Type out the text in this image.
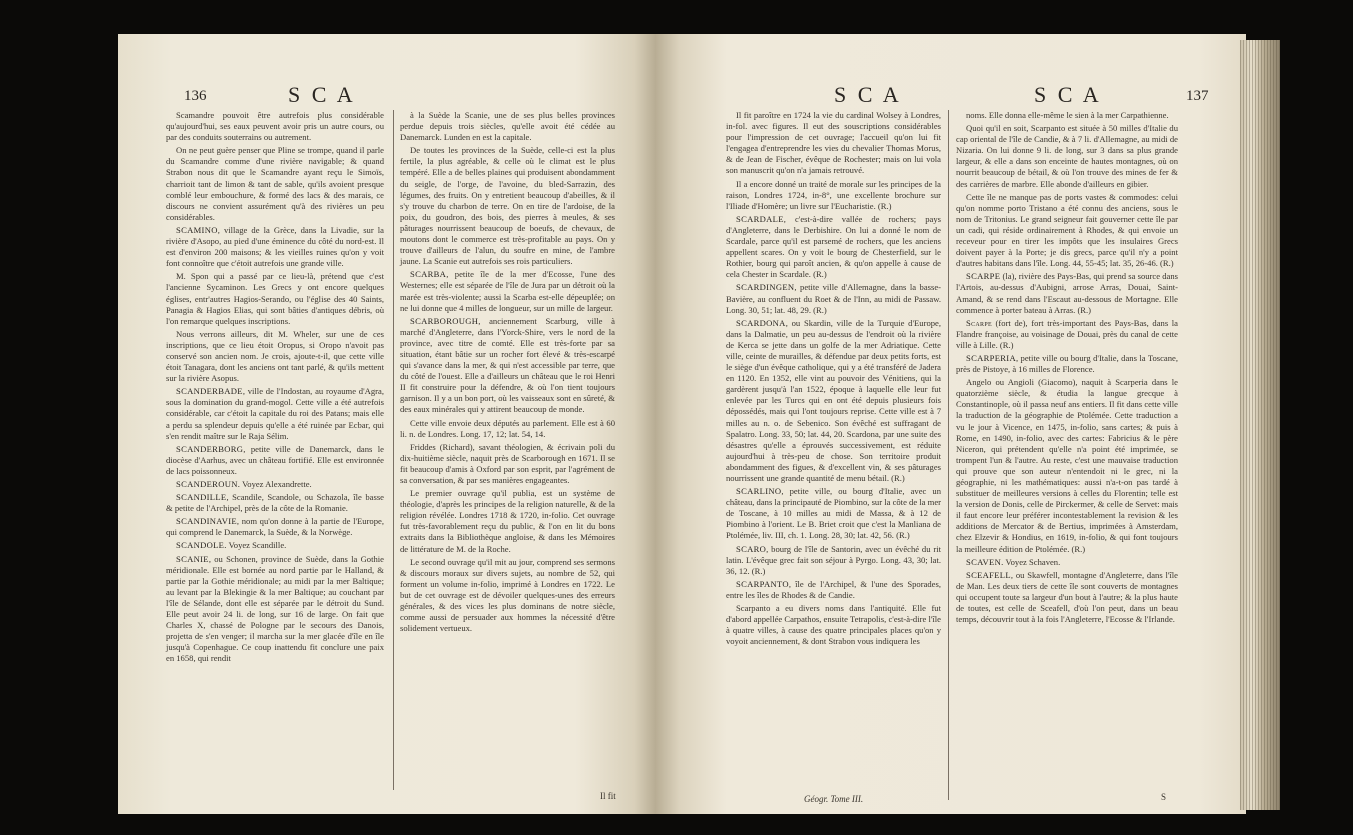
136	S C A

Scamandre pouvoit être autrefois plus considérable qu'aujourd'hui, ses eaux peuvent avoir pris un autre cours, ou par des conduits souterrains ou autrement.

On ne peut guère penser que Pline se trompe, quand il parle du Scamandre comme d'une rivière navigable; & quand Strabon nous dit que le Scamandre ayant reçu le Simoïs, charrioit tant de limon & tant de sable, qu'ils avoient presque comblé leur embouchure, & formé des lacs & des marais, ce discours ne convient assurément qu'à des rivières un peu considérables.

SCAMINO, village de la Grèce, dans la Livadie, sur la rivière d'Asopo, au pied d'une éminence du côté du nord-est. Il est d'environ 200 maisons; & les vieilles ruines qu'on y voit font connoître que c'étoit autrefois une grande ville.

M. Spon qui a passé par ce lieu-là, prétend que c'est l'ancienne Sycaminon. Les Grecs y ont encore quelques églises, entr'autres Hagios-Serando, ou l'église des 40 Saints, Panagia & Hagios Elias, qui sont bâties d'antiques débris, où l'on remarque quelques inscriptions.

Nous verrons ailleurs, dit M. Wheler, sur une de ces inscriptions, que ce lieu étoit Oropus, si Oropo n'avoit pas conservé son ancien nom. Je crois, ajoute-t-il, que cette ville étoit Tanagara, dont les anciens ont tant parlé, & qu'ils mettent sur la rivière Asopus.

SCANDERBADE, ville de l'Indostan, au royaume d'Agra, sous la domination du grand-mogol. Cette ville a été autrefois considérable, car c'étoit la capitale du roi des Patans; mais elle a perdu sa splendeur depuis qu'elle a été ruinée par Ecbar, qui s'en rendit maître sur le Raja Sélim.

SCANDERBORG, petite ville de Danemarck, dans le diocèse d'Aarhus, avec un château fortifié. Elle est environnée de lacs poissonneux.

SCANDEROUN. Voyez Alexandrette.

SCANDILLE, Scandile, Scandole, ou Schazola, île basse & petite de l'Archipel, près de la côte de la Romanie.

SCANDINAVIE, nom qu'on donne à la partie de l'Europe, qui comprend le Danemarck, la Suède, & la Norwège.

SCANDOLE. Voyez Scandille.

SCANIE, ou Schonen, province de Suède, dans la Gothie méridionale. Elle est bornée au nord partie par le Halland, & partie par la Gothie méridionale; au midi par la mer Baltique; au levant par la Blekingie & la mer Baltique; au couchant par l'île de Sélande, dont elle est séparée par le détroit du Sund. Elle peut avoir 24 li. de long, sur 16 de large. On fait que Charles X, chassé de Pologne par le secours des Danois, projetta de s'en venger; il marcha sur la mer glacée d'île en île jusqu'à Copenhague. Ce coup inattendu fit conclure une paix en 1658, qui rendit

à la Suède la Scanie, une de ses plus belles provinces perdue depuis trois siècles, qu'elle avoit été cédée au Danemarck. Lunden en est la capitale.

De toutes les provinces de la Suède, celle-ci est la plus fertile, la plus agréable, & celle où le climat est le plus tempéré. Elle a de belles plaines qui produisent abondamment du seigle, de l'orge, de l'avoine, du bled-Sarrazin, des légumes, des fruits. On y entretient beaucoup d'abeilles, & il s'y trouve du charbon de terre. On en tire de l'ardoise, de la poix, du goudron, des bois, des pierres à meules, & ses pâturages nourrissent beaucoup de boeufs, de chevaux, de moutons dont le commerce est très-profitable au pays. On y trouve d'ailleurs de l'alun, du soufre en mine, de l'ambre jaune. La Scanie eut autrefois ses rois particuliers.

SCARBA, petite île de la mer d'Ecosse, l'une des Westernes; elle est séparée de l'île de Jura par un détroit où la marée est très-violente; aussi la Scarba est-elle dépeuplée; on ne lui donne que 4 milles de longueur, sur un mille de largeur.

SCARBOROUGH, anciennement Scarburg, ville à marché d'Angleterre, dans l'Yorck-Shire, vers le nord de la province, avec titre de comté. Elle est très-forte par sa situation, étant bâtie sur un rocher fort élevé & très-escarpé qui s'avance dans la mer, & qui n'est accessible par terre, que du côté de l'ouest. Elle a d'ailleurs un château que le roi Henri II fit construire pour la défendre, & où l'on tient toujours garnison. Il y a un bon port, où les vaisseaux sont en sûreté, & des eaux minérales qui y attirent beaucoup de monde.

Cette ville envoie deux députés au parlement. Elle est à 60 li. n. de Londres. Long. 17, 12; lat. 54, 14.

Friddes (Richard), savant théologien, & écrivain poli du dix-huitième siècle, naquit près de Scarborough en 1671. Il se fit beaucoup d'amis à Oxford par son esprit, par l'agrément de sa conversation, & par ses manières engageantes.

Le premier ouvrage qu'il publia, est un système de théologie, d'après les principes de la religion naturelle, & de la religion révélée. Londres 1718 & 1720, in-folio. Cet ouvrage fut très-favorablement reçu du public, & l'on en lit du bons extraits dans la Bibliothèque angloise, & dans les Mémoires de littérature de M. de la Roche.

Le second ouvrage qu'il mit au jour, comprend ses sermons & discours moraux sur divers sujets, au nombre de 52, qui forment un volume in-folio, imprimé à Londres en 1722. Le but de cet ouvrage est de dévoiler quelques-unes des erreurs générales, & des vices les plus dominans de notre siècle, comme aussi de persuader aux hommes la nécessité d'être solidement vertueux.

Il fit
S C A	S C A	137

Il fit paroître en 1724 la vie du cardinal Wolsey à Londres, in-fol. avec figures. Il eut des souscriptions considérables pour l'impression de cet ouvrage; l'accueil qu'on lui fit l'engagea d'entreprendre les vies du chevalier Thomas Morus, & de Jean de Fischer, évêque de Rochester; mais on lui vola son manuscrit qu'on n'a jamais retrouvé.

Il a encore donné un traité de morale sur les principes de la raison, Londres 1724, in-8°, une excellente brochure sur l'Iliade d'Homère; un livre sur l'Eucharistie. (R.)

SCARDALE, c'est-à-dire vallée de rochers; pays d'Angleterre, dans le Derbishire. On lui a donné le nom de Scardale, parce qu'il est parsemé de rochers, que les anciens appellent scares. On y voit le bourg de Chesterfield, sur le Rothier, bourg qui paroît ancien, & qu'on appelle à cause de cela Chester in Scardale. (R.)

SCARDINGEN, petite ville d'Allemagne, dans la basse-Bavière, au confluent du Roet & de l'Inn, au midi de Passaw. Long. 30, 51; lat. 48, 29. (R.)

SCARDONA, ou Skardin, ville de la Turquie d'Europe, dans la Dalmatie, un peu au-dessus de l'endroit où la rivière de Kerca se jette dans un golfe de la mer Adriatique. Cette ville, ceinte de murailles, & défendue par deux petits forts, est le siège d'un évêque catholique, qui y a été transféré de Jadera en 1120. En 1352, elle vint au pouvoir des Vénitiens, qui la gardèrent jusqu'à l'an 1522, époque à laquelle elle leur fut enlevée par les Turcs qui en ont été depuis plusieurs fois dépossédés, mais qui l'ont toujours reprise. Cette ville est à 7 milles au n. o. de Sebenico. Son évêché est suffragant de Spalatro. Long. 33, 50; lat. 44, 20. Scardona, par une suite des désastres qu'elle a éprouvés successivement, est réduite aujourd'hui à très-peu de chose. Son territoire produit abondamment des figues, & d'excellent vin, & ses pâturages nourrissent une grande quantité de menu bétail. (R.)

SCARLINO, petite ville, ou bourg d'Italie, avec un château, dans la principauté de Piombino, sur la côte de la mer de Toscane, à 10 milles au midi de Massa, & à 12 de Piombino à l'orient. Le B. Briet croit que c'est la Manliana de Ptolémée, liv. III, ch. 1. Long. 28, 30; lat. 42, 56. (R.)

SCARO, bourg de l'île de Santorin, avec un évêché du rit latin. L'évêque grec fait son séjour à Pyrgo. Long. 43, 30; lat. 36, 12. (R.)

SCARPANTO, île de l'Archipel, & l'une des Sporades, entre les îles de Rhodes & de Candie.

Scarpanto a eu divers noms dans l'antiquité. Elle fut d'abord appellée Carpathos, ensuite Tetrapolis, c'est-à-dire l'île à quatre villes, à cause des quatre principales places qu'on y voyoit anciennement, & dont Strabon vous indiquera les

noms. Elle donna elle-même le sien à la mer Carpathienne.

Quoi qu'il en soit, Scarpanto est située à 50 milles d'Italie du cap oriental de l'île de Candie, & à 7 li. d'Allemagne, au midi de Nizaria. On lui donne 9 li. de long, sur 3 dans sa plus grande largeur, & elle a dans son enceinte de hautes montagnes, où on nourrit beaucoup de bétail, & où l'on trouve des mines de fer & des carrières de marbre. Elle abonde d'ailleurs en gibier.

Cette île ne manque pas de ports vastes & commodes: celui qu'on nomme porto Tristano a été connu des anciens, sous le nom de Tritonius. Le grand seigneur fait gouverner cette île par un cadi, qui réside ordinairement à Rhodes, & qui envoie un receveur pour en tirer les impôts que les insulaires Grecs doivent payer à la Porte; je dis grecs, parce qu'il n'y a point d'autres habitans dans l'île. Long. 44, 55-45; lat. 35, 26-46. (R.)

SCARPE (la), rivière des Pays-Bas, qui prend sa source dans l'Artois, au-dessus d'Aubigni, arrose Arras, Douai, Saint-Amand, & se rend dans l'Escaut au-dessous de Mortagne. Elle commence à porter bateau à Arras. (R.)

Scarpe (fort de), fort très-important des Pays-Bas, dans la Flandre françoise, au voisinage de Douai, près du canal de cette ville à Lille. (R.)

SCARPERIA, petite ville ou bourg d'Italie, dans la Toscane, près de Pistoye, à 16 milles de Florence.

Angelo ou Angioli (Giacomo), naquit à Scarperia dans le quatorzième siècle, & étudia la langue grecque à Constantinople, où il passa neuf ans entiers. Il fit dans cette ville la traduction de la géographie de Ptolémée. Cette traduction a vu le jour à Vicence, en 1475, in-folio, sans cartes; & puis à Rome, en 1490, in-folio, avec des cartes: Fabricius & le père Niceron, qui prétendent qu'elle n'a point été imprimée, se trompent l'un & l'autre. Au reste, c'est une mauvaise traduction qui prouve que son auteur n'entendoit ni le grec, ni la géographie, ni les mathématiques: aussi n'a-t-on pas tardé à substituer de meilleures versions à celles du Florentin; telle est la version de Donis, celle de Pirckermer, & celle de Servet: mais il faut encore leur préférer incontestablement la revision & les additions de Mercator & de Bertius, imprimées à Amsterdam, chez Elzevir & Hondius, en 1619, in-folio, & qui font toujours la meilleure édition de Ptolémée. (R.)

SCAVEN. Voyez Schaven.

SCEAFELL, ou Skawfell, montagne d'Angleterre, dans l'île de Man. Les deux tiers de cette île sont couverts de montagnes qui occupent toute sa largeur d'un bout à l'autre; & la plus haute de toutes, est celle de Sceafell, d'où l'on peut, dans un beau temps, découvrir tout à la fois l'Angleterre, l'Ecosse & l'Irlande.

Géogr. Tome III.	S
